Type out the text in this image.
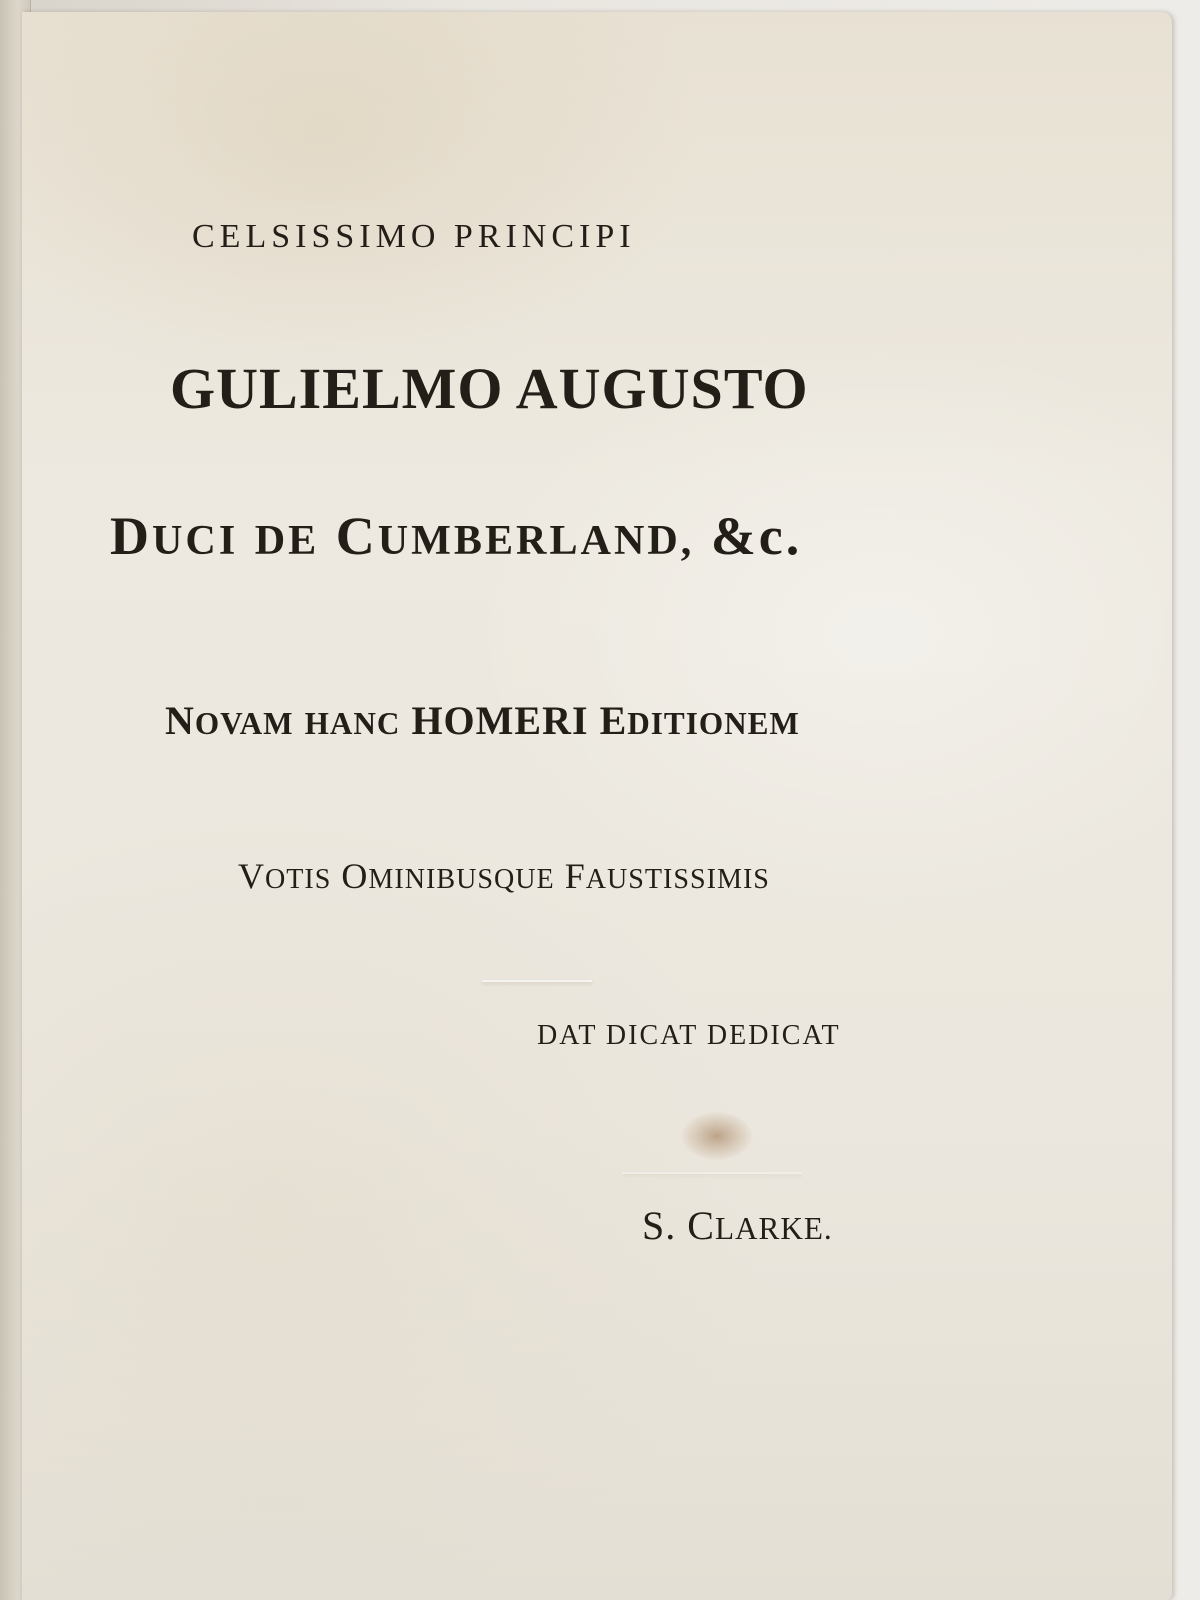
CELSISSIMO PRINCIPI
GULIELMO AUGUSTO
DUCI DE CUMBERLAND, &c.
NOVAM HANC HOMERI EDITIONEM
VOTIS OMINIBUSQUE FAUSTISSIMIS
DAT DICAT DEDICAT
S. CLARKE.
